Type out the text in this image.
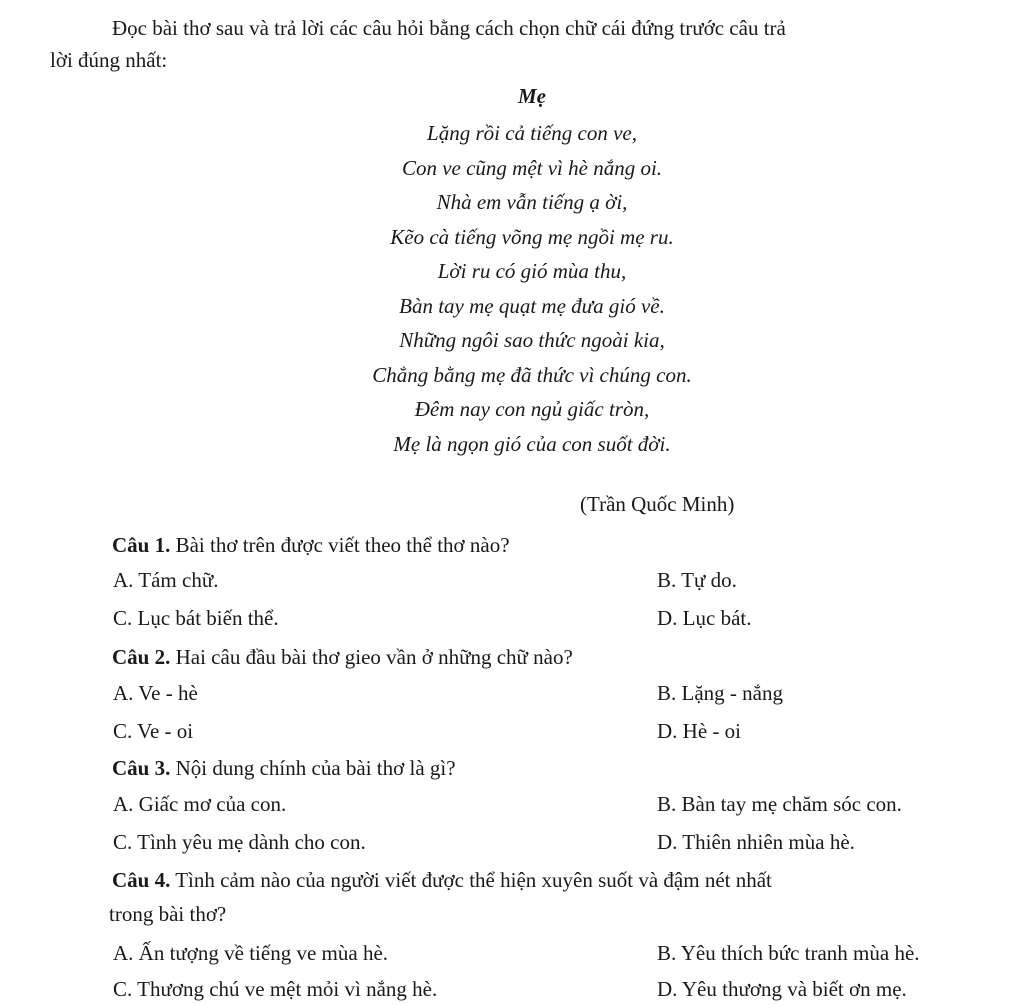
Đọc bài thơ sau và trả lời các câu hỏi bằng cách chọn chữ cái đứng trước câu trả
lời đúng nhất:
Mẹ
Lặng rồi cả tiếng con ve,
Con ve cũng mệt vì hè nắng oi.
Nhà em vẫn tiếng ạ ời,
Kẽo cà tiếng võng mẹ ngồi mẹ ru.
Lời ru có gió mùa thu,
Bàn tay mẹ quạt mẹ đưa gió về.
Những ngôi sao thức ngoài kia,
Chẳng bằng mẹ đã thức vì chúng con.
Đêm nay con ngủ giấc tròn,
Mẹ là ngọn gió của con suốt đời.
(Trần Quốc Minh)
Câu 1. Bài thơ trên được viết theo thể thơ nào?
A. Tám chữ.	B. Tự do.
C. Lục bát biến thể.	D. Lục bát.
Câu 2. Hai câu đầu bài thơ gieo vần ở những chữ nào?
A. Ve - hè	B. Lặng - nắng
C. Ve - oi	D. Hè - oi
Câu 3. Nội dung chính của bài thơ là gì?
A. Giấc mơ của con.	B. Bàn tay mẹ chăm sóc con.
C. Tình yêu mẹ dành cho con.	D. Thiên nhiên mùa hè.
Câu 4. Tình cảm nào của người viết được thể hiện xuyên suốt và đậm nét nhất
trong bài thơ?
A. Ấn tượng về tiếng ve mùa hè.	B. Yêu thích bức tranh mùa hè.
C. Thương chú ve mệt mỏi vì nắng hè.	D. Yêu thương và biết ơn mẹ.
